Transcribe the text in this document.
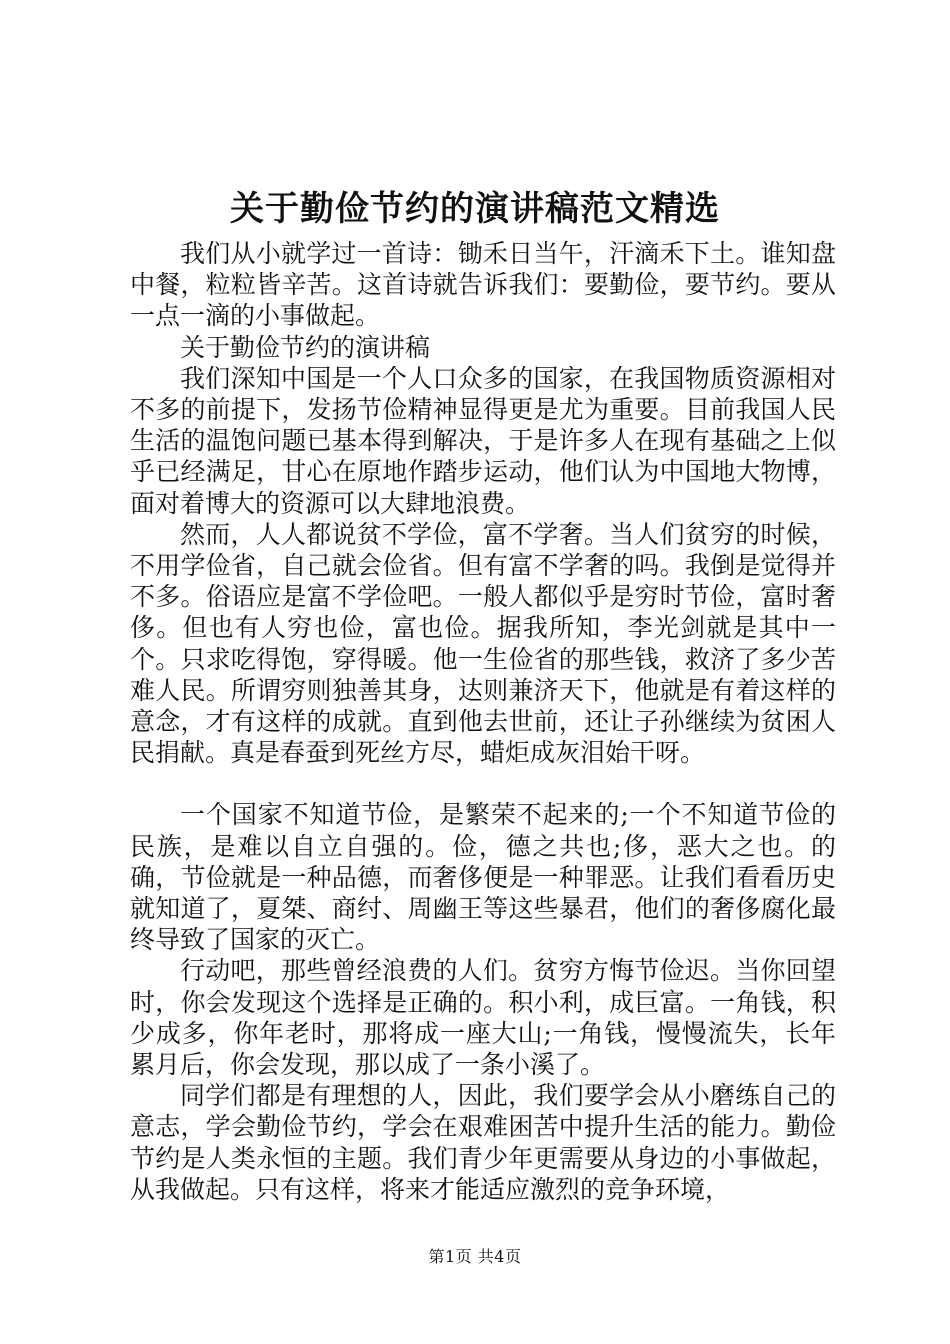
关于勤俭节约的演讲稿范文精选

我们从小就学过一首诗：锄禾日当午，汗滴禾下土。谁知盘中餐，粒粒皆辛苦。这首诗就告诉我们：要勤俭，要节约。要从一点一滴的小事做起。

关于勤俭节约的演讲稿

我们深知中国是一个人口众多的国家，在我国物质资源相对不多的前提下，发扬节俭精神显得更是尤为重要。目前我国人民生活的温饱问题已基本得到解决，于是许多人在现有基础之上似乎已经满足，甘心在原地作踏步运动，他们认为中国地大物博，面对着博大的资源可以大肆地浪费。

然而，人人都说贫不学俭，富不学奢。当人们贫穷的时候，不用学俭省，自己就会俭省。但有富不学奢的吗。我倒是觉得并不多。俗语应是富不学俭吧。一般人都似乎是穷时节俭，富时奢侈。但也有人穷也俭，富也俭。据我所知，李光剑就是其中一个。只求吃得饱，穿得暖。他一生俭省的那些钱，救济了多少苦难人民。所谓穷则独善其身，达则兼济天下，他就是有着这样的意念，才有这样的成就。直到他去世前，还让子孙继续为贫困人民捐献。真是春蚕到死丝方尽，蜡炬成灰泪始干呀。

一个国家不知道节俭，是繁荣不起来的;一个不知道节俭的民族，是难以自立自强的。俭，德之共也;侈，恶大之也。的确，节俭就是一种品德，而奢侈便是一种罪恶。让我们看看历史就知道了，夏桀、商纣、周幽王等这些暴君，他们的奢侈腐化最终导致了国家的灭亡。

行动吧，那些曾经浪费的人们。贫穷方悔节俭迟。当你回望时，你会发现这个选择是正确的。积小利，成巨富。一角钱，积少成多，你年老时，那将成一座大山;一角钱，慢慢流失，长年累月后，你会发现，那以成了一条小溪了。

同学们都是有理想的人，因此，我们要学会从小磨练自己的意志，学会勤俭节约，学会在艰难困苦中提升生活的能力。勤俭节约是人类永恒的主题。我们青少年更需要从身边的小事做起，从我做起。只有这样，将来才能适应激烈的竞争环境，

第1页 共4页
